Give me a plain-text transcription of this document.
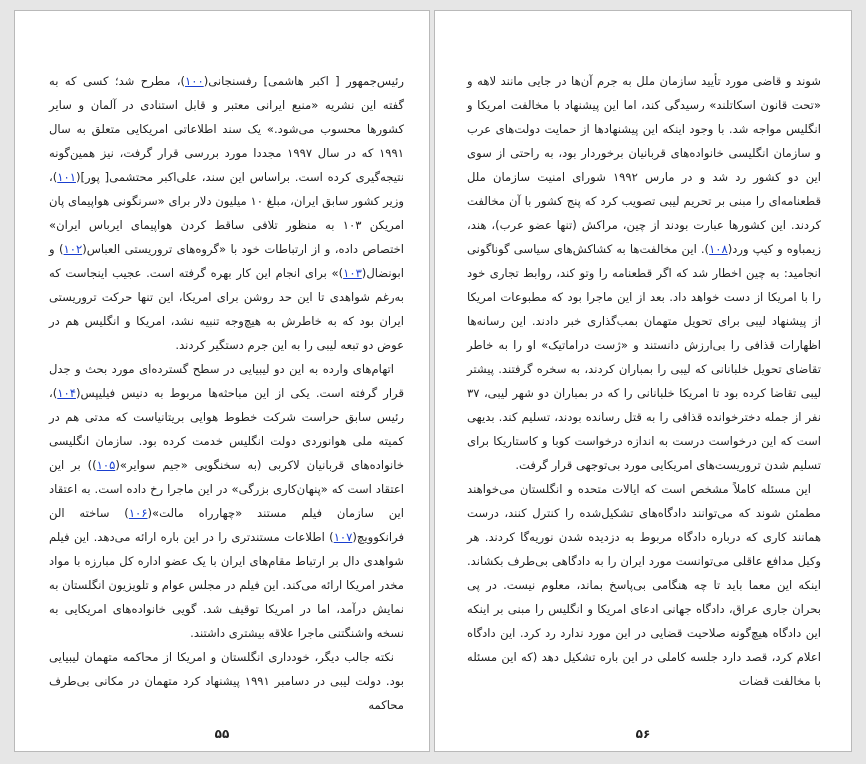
رئیس‌جمهور [ اکبر هاشمی] رفسنجانی(۱۰۰)، مطرح شد؛ کسی که به گفته این نشریه «منبع ایرانی معتبر و قابل استنادی در آلمان و سایر کشورها محسوب می‌شود.» یک سند اطلاعاتی امریکایی متعلق به سال ۱۹۹۱ که در سال ۱۹۹۷ مجددا مورد بررسی قرار گرفت، نیز همین‌گونه نتیجه‌گیری کرده است. براساس این سند، علی‌اکبر محتشمی[ پور](۱۰۱)، وزیر کشور سابق ایران، مبلغ ۱۰ میلیون دلار برای «سرنگونی هواپیمای پان امریکن ۱۰۳ به منظور تلافی ساقط کردن هواپیمای ایرباس ایران» اختصاص داده، و از ارتباطات خود با «گروه‌های تروریستی العباس(۱۰۲) و ابونضال(۱۰۳)» برای انجام این کار بهره گرفته است. عجیب اینجاست که به‌رغم شواهدی تا این حد روشن برای امریکا، این تنها حرکت تروریستی ایران بود که به خاطرش به هیچ‌وجه تنبیه نشد، امریکا و انگلیس هم در عوض دو تبعه لیبی را به این جرم دستگیر کردند.

اتهام‌های وارده به این دو لیبیایی در سطح گسترده‌ای مورد بحث و جدل قرار گرفته است. یکی از این مباحثه‌ها مربوط به دنیس فیلیپس(۱۰۴)، رئیس سابق حراست شرکت خطوط هوایی بریتانیاست که مدتی هم در کمیته ملی هوانوردی دولت انگلیس خدمت کرده بود. سازمان انگلیسی خانواده‌های قربانیان لاکربی (به سخنگویی «جیم سوایر»(۱۰۵)) بر این اعتقاد است که «پنهان‌کاری بزرگی» در این ماجرا رخ داده است. به اعتقاد این سازمان فیلم مستند «چهارراه مالت»(۱۰۶) ساخته الن فرانکوویچ(۱۰۷) اطلاعات مستندتری را در این باره ارائه می‌دهد. این فیلم شواهدی دال بر ارتباط مقام‌های ایران با یک عضو اداره کل مبارزه با مواد مخدر امریکا ارائه می‌کند. این فیلم در مجلس عوام و تلویزیون انگلستان به نمایش درآمد، اما در امریکا توقیف شد. گویی خانواده‌های امریکایی به نسخه واشنگتنی ماجرا علاقه بیشتری داشتند.

نکته جالب دیگر، خودداری انگلستان و امریکا از محاکمه متهمان لیبیایی بود. دولت لیبی در دسامبر ۱۹۹۱ پیشنهاد کرد متهمان در مکانی بی‌طرف محاکمه

۵۵

شوند و قاضی مورد تأیید سازمان ملل به جرم آن‌ها در جایی مانند لاهه و «تحت قانون اسکاتلند» رسیدگی کند، اما این پیشنهاد با مخالفت امریکا و انگلیس مواجه شد. با وجود اینکه این پیشنهادها از حمایت دولت‌های عرب و سازمان انگلیسی خانواده‌های قربانیان برخوردار بود، به راحتی از سوی این دو کشور رد شد و در مارس ۱۹۹۲ شورای امنیت سازمان ملل قطعنامه‌ای را مبنی بر تحریم لیبی تصویب کرد که پنج کشور با آن مخالفت کردند. این کشورها عبارت بودند از چین، مراکش (تنها عضو عرب)، هند، زیمباوه و کیپ ورد(۱۰۸). این مخالفت‌ها به کشاکش‌های سیاسی گوناگونی انجامید: به چین اخطار شد که اگر قطعنامه را وتو کند، روابط تجاری خود را با امریکا از دست خواهد داد. بعد از این ماجرا بود که مطبوعات امریکا از پیشنهاد لیبی برای تحویل متهمان بمب‌گذاری خبر دادند. این رسانه‌ها اظهارات قذافی را بی‌ارزش دانستند و «ژست دراماتیک» او را به خاطر تقاضای تحویل خلبانانی که لیبی را بمباران کردند، به سخره گرفتند. پیشتر لیبی تقاضا کرده بود تا امریکا خلبانانی را که در بمباران دو شهر لیبی، ۳۷ نفر از جمله دخترخوانده قذافی را به قتل رسانده بودند، تسلیم کند. بدیهی است که این درخواست درست به اندازه درخواست کوبا و کاستاریکا برای تسلیم شدن تروریست‌های امریکایی مورد بی‌توجهی قرار گرفت.

این مسئله کاملاً مشخص است که ایالات متحده و انگلستان می‌خواهند مطمئن شوند که می‌توانند دادگاه‌های تشکیل‌شده را کنترل کنند، درست همانند کاری که درباره دادگاه مربوط به دزدیده شدن نوریه‌گا کردند. هر وکیل مدافع عاقلی می‌توانست مورد ایران را به دادگاهی بی‌طرف بکشاند. اینکه این معما باید تا چه هنگامی بی‌پاسخ بماند، معلوم نیست. در پی بحران جاری عراق، دادگاه جهانی ادعای امریکا و انگلیس را مبنی بر اینکه این دادگاه هیچ‌گونه صلاحیت قضایی در این مورد ندارد رد کرد. این دادگاه اعلام کرد، قصد دارد جلسه کاملی در این باره تشکیل دهد (که این مسئله با مخالفت قضات

۵۶
